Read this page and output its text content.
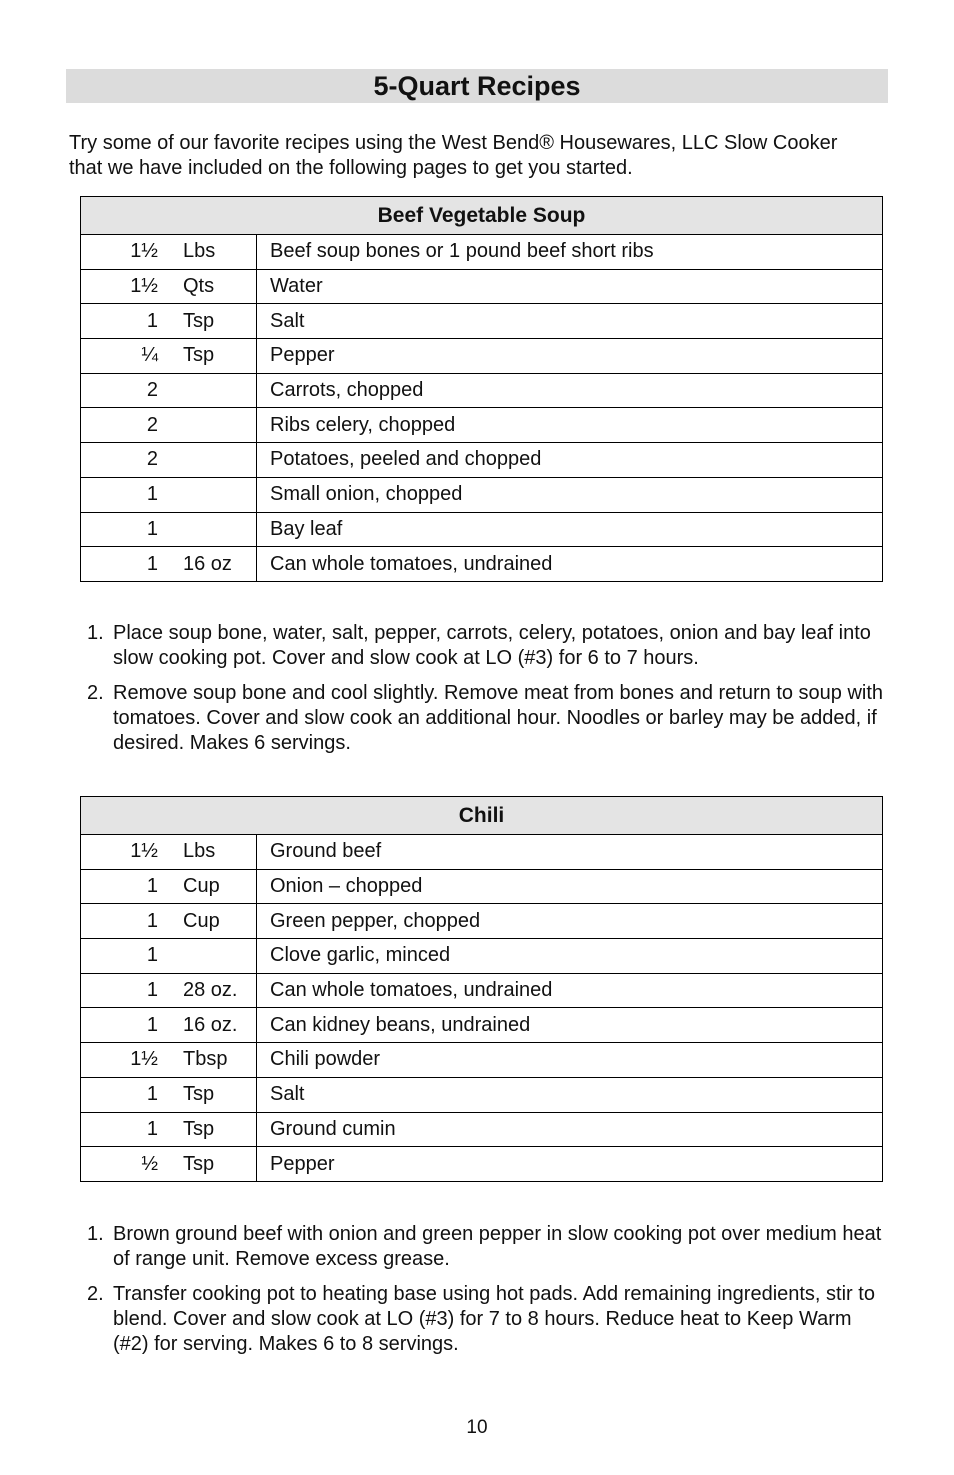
5-Quart Recipes
Try some of our favorite recipes using the West Bend® Housewares, LLC Slow Cooker that we have included on the following pages to get you started.
Beef Vegetable Soup	
1½ Lbs	Beef soup bones or 1 pound beef short ribs
1½ Qts	Water
1 Tsp	Salt
¼ Tsp	Pepper
2	Carrots, chopped
2	Ribs celery, chopped
2	Potatoes, peeled and chopped
1	Small onion, chopped
1	Bay leaf
1 16 oz	Can whole tomatoes, undrained
1. Place soup bone, water, salt, pepper, carrots, celery, potatoes, onion and bay leaf into slow cooking pot. Cover and slow cook at LO (#3) for 6 to 7 hours.
2. Remove soup bone and cool slightly. Remove meat from bones and return to soup with tomatoes. Cover and slow cook an additional hour. Noodles or barley may be added, if desired. Makes 6 servings.
Chili	
1½ Lbs	Ground beef
1 Cup	Onion – chopped
1 Cup	Green pepper, chopped
1	Clove garlic, minced
1 28 oz.	Can whole tomatoes, undrained
1 16 oz.	Can kidney beans, undrained
1½ Tbsp	Chili powder
1 Tsp	Salt
1 Tsp	Ground cumin
½ Tsp	Pepper
1. Brown ground beef with onion and green pepper in slow cooking pot over medium heat of range unit. Remove excess grease.
2. Transfer cooking pot to heating base using hot pads. Add remaining ingredients, stir to blend. Cover and slow cook at LO (#3) for 7 to 8 hours. Reduce heat to Keep Warm (#2) for serving. Makes 6 to 8 servings.
10
